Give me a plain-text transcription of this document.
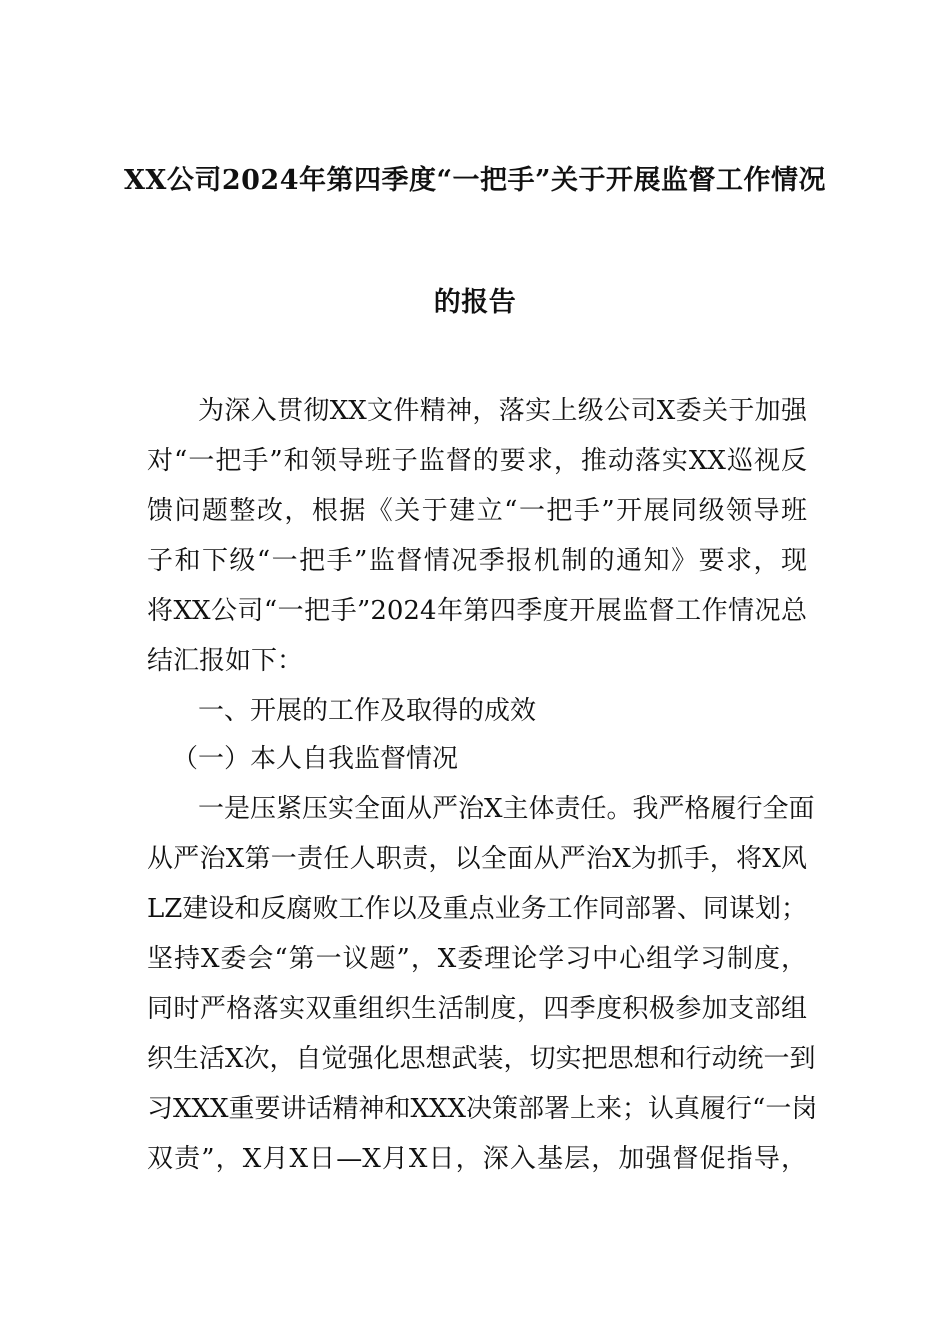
XX公司2024年第四季度“一把手”关于开展监督工作情况
的报告
为深入贯彻XX文件精神，落实上级公司X委关于加强
对“一把手”和领导班子监督的要求，推动落实XX巡视反
馈问题整改，根据《关于建立“一把手”开展同级领导班
子和下级“一把手”监督情况季报机制的通知》要求，现
将XX公司“一把手”2024年第四季度开展监督工作情况总
结汇报如下：
一、开展的工作及取得的成效
（一）本人自我监督情况
一是压紧压实全面从严治X主体责任。我严格履行全面
从严治X第一责任人职责，以全面从严治X为抓手，将X风
LZ建设和反腐败工作以及重点业务工作同部署、同谋划；
坚持X委会“第一议题”，X委理论学习中心组学习制度，
同时严格落实双重组织生活制度，四季度积极参加支部组
织生活X次，自觉强化思想武装，切实把思想和行动统一到
习XXX重要讲话精神和XXX决策部署上来；认真履行“一岗
双责”，X月X日—X月X日，深入基层，加强督促指导，
